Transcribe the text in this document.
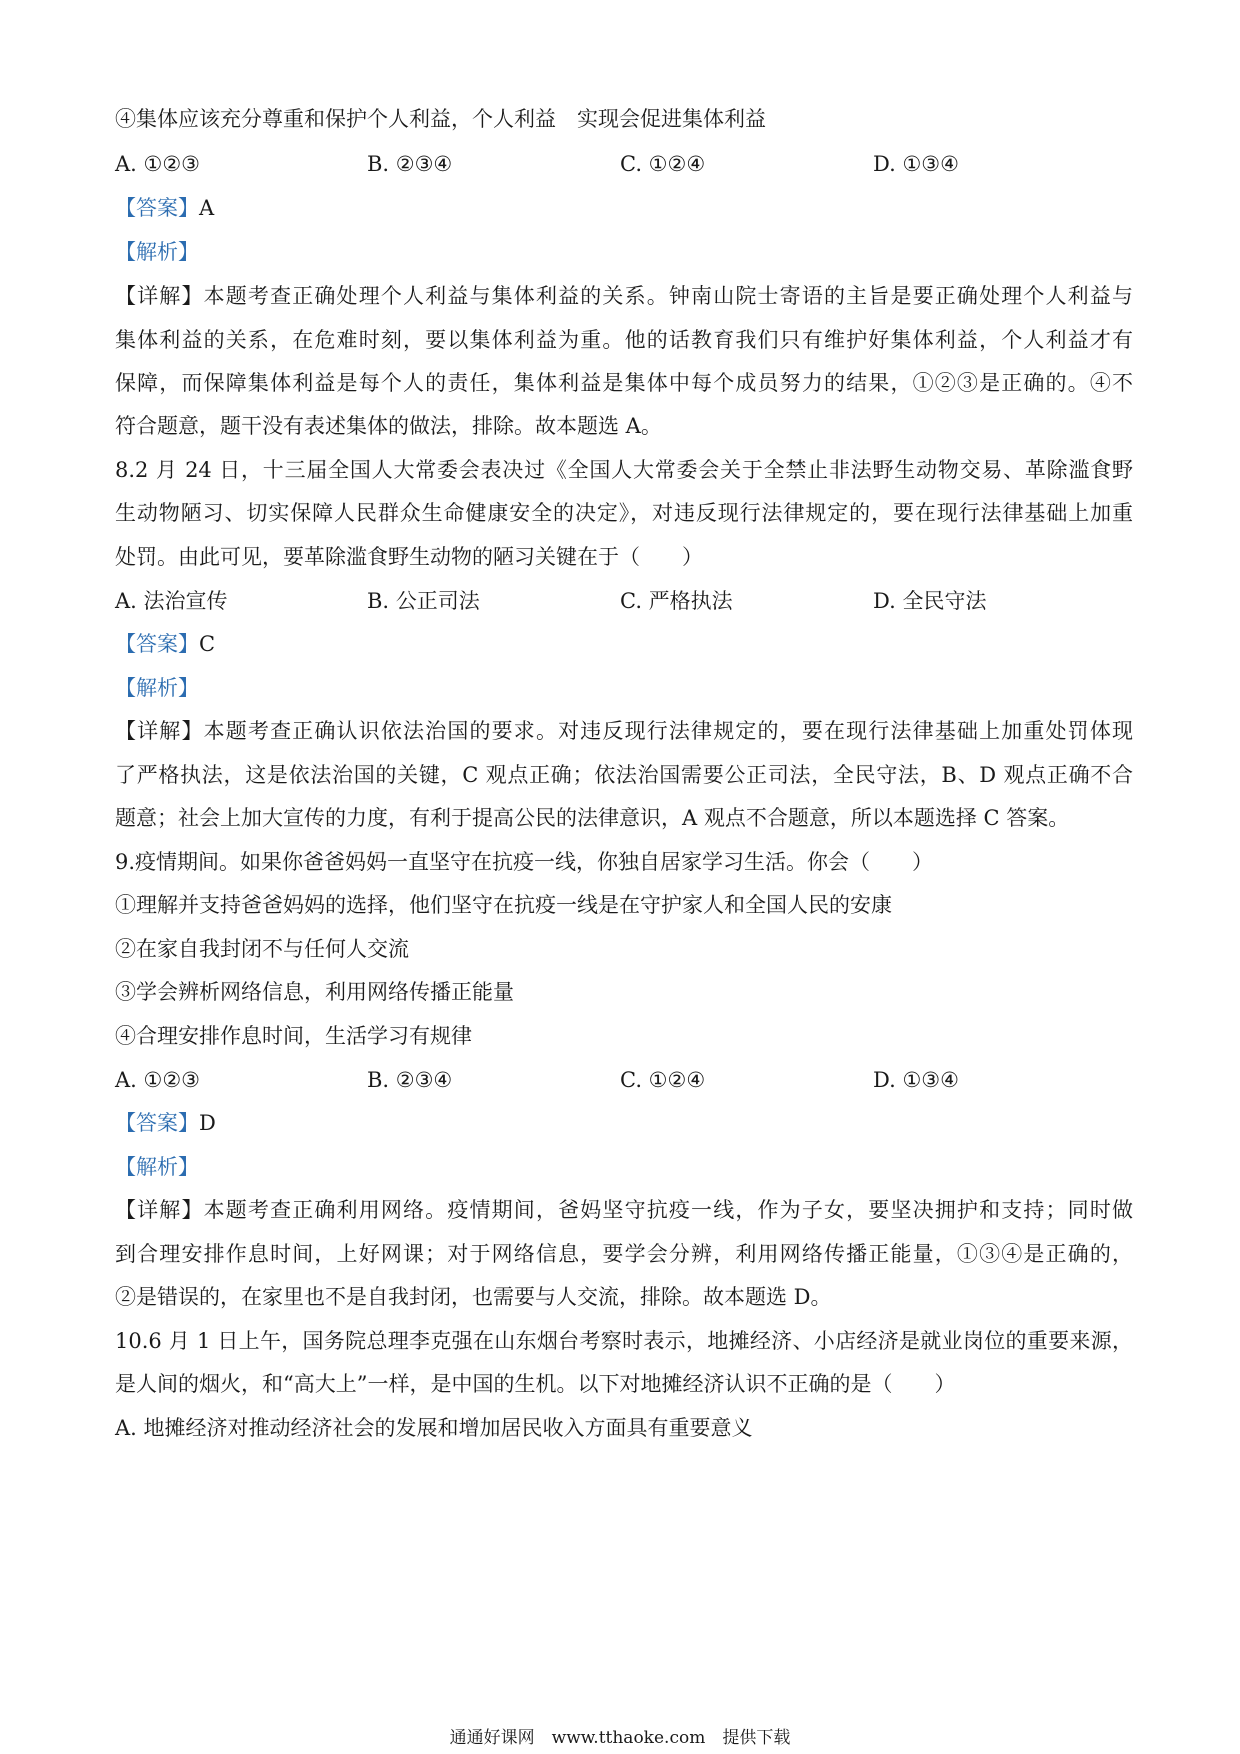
④集体应该充分尊重和保护个人利益，个人利益　实现会促进集体利益
A. ①②③	B. ②③④	C. ①②④	D. ①③④
【答案】A
【解析】
【详解】本题考查正确处理个人利益与集体利益的关系。钟南山院士寄语的主旨是要正确处理个人利益与
集体利益的关系，在危难时刻，要以集体利益为重。他的话教育我们只有维护好集体利益，个人利益才有
保障，而保障集体利益是每个人的责任，集体利益是集体中每个成员努力的结果，①②③是正确的。④不
符合题意，题干没有表述集体的做法，排除。故本题选 A。
8.2 月 24 日，十三届全国人大常委会表决过《全国人大常委会关于全禁止非法野生动物交易、革除滥食野
生动物陋习、切实保障人民群众生命健康安全的决定》，对违反现行法律规定的，要在现行法律基础上加重
处罚。由此可见，要革除滥食野生动物的陋习关键在于（　　）
A. 法治宣传	B. 公正司法	C. 严格执法	D. 全民守法
【答案】C
【解析】
【详解】本题考查正确认识依法治国的要求。对违反现行法律规定的，要在现行法律基础上加重处罚体现
了严格执法，这是依法治国的关键，C 观点正确；依法治国需要公正司法，全民守法，B、D 观点正确不合
题意；社会上加大宣传的力度，有利于提高公民的法律意识，A 观点不合题意，所以本题选择 C 答案。
9.疫情期间。如果你爸爸妈妈一直坚守在抗疫一线，你独自居家学习生活。你会（　　）
①理解并支持爸爸妈妈的选择，他们坚守在抗疫一线是在守护家人和全国人民的安康
②在家自我封闭不与任何人交流
③学会辨析网络信息，利用网络传播正能量
④合理安排作息时间，生活学习有规律
A. ①②③	B. ②③④	C. ①②④	D. ①③④
【答案】D
【解析】
【详解】本题考查正确利用网络。疫情期间，爸妈坚守抗疫一线，作为子女，要坚决拥护和支持；同时做
到合理安排作息时间，上好网课；对于网络信息，要学会分辨，利用网络传播正能量，①③④是正确的，
②是错误的，在家里也不是自我封闭，也需要与人交流，排除。故本题选 D。
10.6 月 1 日上午，国务院总理李克强在山东烟台考察时表示，地摊经济、小店经济是就业岗位的重要来源，
是人间的烟火，和“高大上”一样，是中国的生机。以下对地摊经济认识不正确的是（　　）
A. 地摊经济对推动经济社会的发展和增加居民收入方面具有重要意义
通通好课网　www.tthaoke.com　提供下载
